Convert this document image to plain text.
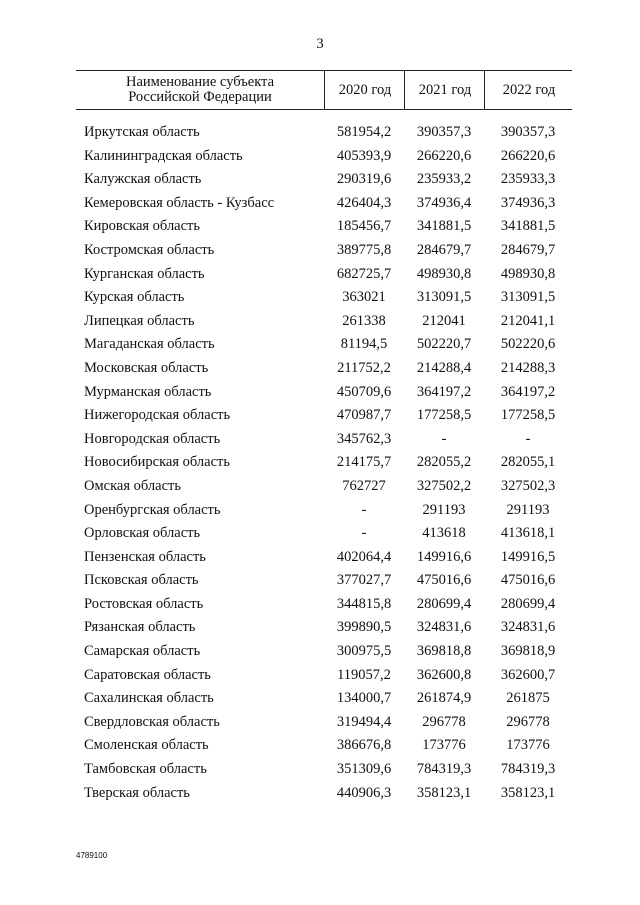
3
Наименование субъекта
Российской Федерации	2020 год	2021 год	2022 год
Иркутская область	581954,2	390357,3	390357,3
Калининградская область	405393,9	266220,6	266220,6
Калужская область	290319,6	235933,2	235933,3
Кемеровская область - Кузбасс	426404,3	374936,4	374936,3
Кировская область	185456,7	341881,5	341881,5
Костромская область	389775,8	284679,7	284679,7
Курганская область	682725,7	498930,8	498930,8
Курская область	363021	313091,5	313091,5
Липецкая область	261338	212041	212041,1
Магаданская область	81194,5	502220,7	502220,6
Московская область	211752,2	214288,4	214288,3
Мурманская область	450709,6	364197,2	364197,2
Нижегородская область	470987,7	177258,5	177258,5
Новгородская область	345762,3	-	-
Новосибирская область	214175,7	282055,2	282055,1
Омская область	762727	327502,2	327502,3
Оренбургская область	-	291193	291193
Орловская область	-	413618	413618,1
Пензенская область	402064,4	149916,6	149916,5
Псковская область	377027,7	475016,6	475016,6
Ростовская область	344815,8	280699,4	280699,4
Рязанская область	399890,5	324831,6	324831,6
Самарская область	300975,5	369818,8	369818,9
Саратовская область	119057,2	362600,8	362600,7
Сахалинская область	134000,7	261874,9	261875
Свердловская область	319494,4	296778	296778
Смоленская область	386676,8	173776	173776
Тамбовская область	351309,6	784319,3	784319,3
Тверская область	440906,3	358123,1	358123,1
4789100
